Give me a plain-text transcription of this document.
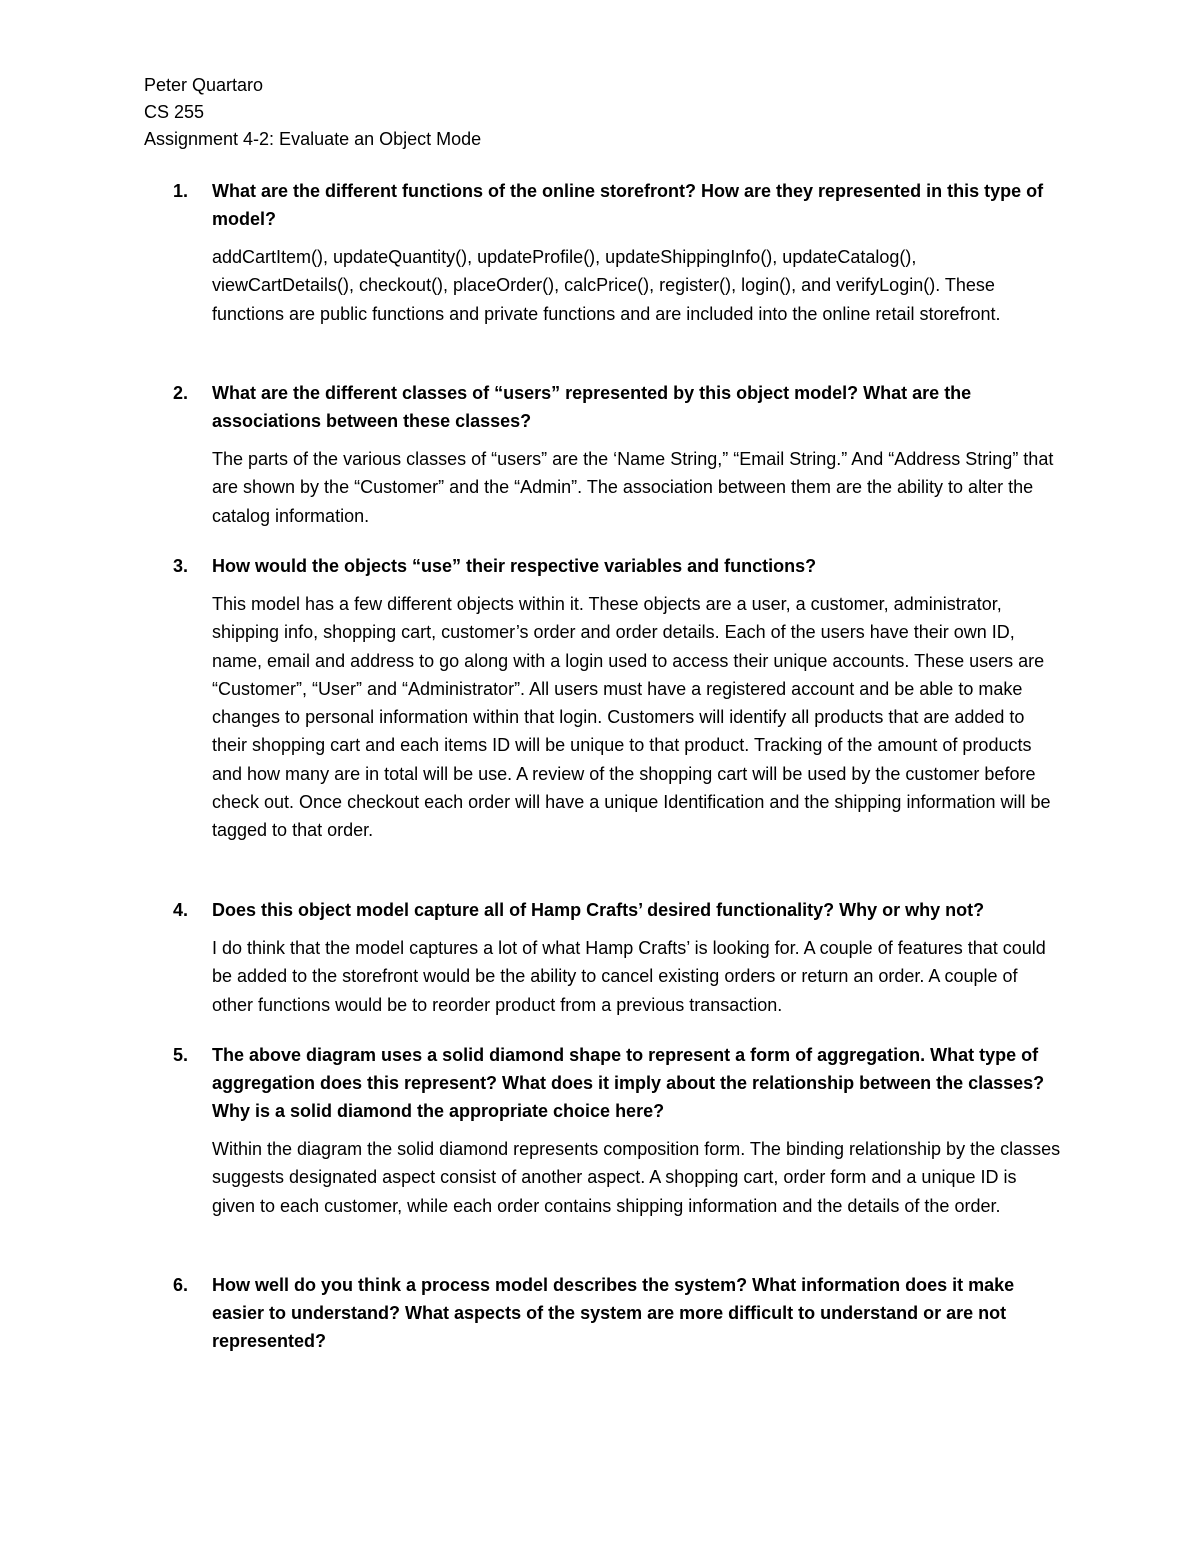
Peter Quartaro
CS 255
Assignment 4-2: Evaluate an Object Mode
1. What are the different functions of the online storefront? How are they represented in this type of model?
addCartItem(), updateQuantity(), updateProfile(), updateShippingInfo(), updateCatalog(), viewCartDetails(), checkout(), placeOrder(), calcPrice(), register(), login(), and verifyLogin(). These functions are public functions and private functions and are included into the online retail storefront.
2. What are the different classes of “users” represented by this object model? What are the associations between these classes?
The parts of the various classes of “users” are the ‘Name String,” “Email String.” And “Address String” that are shown by the “Customer” and the “Admin”. The association between them are the ability to alter the catalog information.
3. How would the objects “use” their respective variables and functions?
This model has a few different objects within it. These objects are a user, a customer, administrator, shipping info, shopping cart, customer’s order and order details. Each of the users have their own ID, name, email and address to go along with a login used to access their unique accounts. These users are “Customer”, “User” and “Administrator”. All users must have a registered account and be able to make changes to personal information within that login. Customers will identify all products that are added to their shopping cart and each items ID will be unique to that product. Tracking of the amount of products and how many are in total will be use. A review of the shopping cart will be used by the customer before check out. Once checkout each order will have a unique Identification and the shipping information will be tagged to that order.
4. Does this object model capture all of Hamp Crafts’ desired functionality? Why or why not?
I do think that the model captures a lot of what Hamp Crafts’ is looking for. A couple of features that could be added to the storefront would be the ability to cancel existing orders or return an order. A couple of other functions would be to reorder product from a previous transaction.
5. The above diagram uses a solid diamond shape to represent a form of aggregation. What type of aggregation does this represent? What does it imply about the relationship between the classes? Why is a solid diamond the appropriate choice here?
Within the diagram the solid diamond represents composition form. The binding relationship by the classes suggests designated aspect consist of another aspect. A shopping cart, order form and a unique ID is given to each customer, while each order contains shipping information and the details of the order.
6. How well do you think a process model describes the system? What information does it make easier to understand? What aspects of the system are more difficult to understand or are not represented?
